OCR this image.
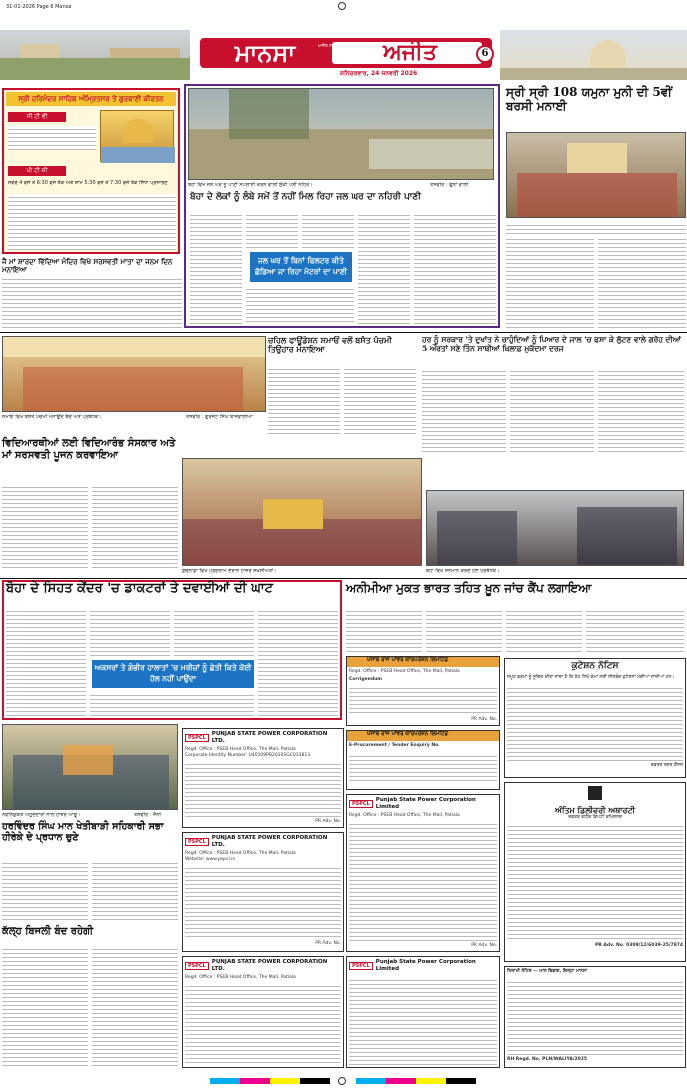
31-01-2026 Page 6 Mansa
ਮਾਨਸਾ	ਅਜੀਤ ਸਹਿਯੋਗ	ਅਜੀਤ
ਸ਼ਨਿਚਰਵਾਰ, 24 ਜਨਵਰੀ 2026
6
ਸ੍ਰੀ ਹਰਿਮੰਦਰ ਸਾਹਿਬ ਅੰਮ੍ਰਿਤਸਰ ਤੋਂ ਗੁਰਬਾਣੀ ਕੀਰਤਨ
ਜੀ ਟੀ ਵੀ
ਪੀ ਟੀ ਸੀ
ਸਵੇਰੇ 4 ਵਜੇ ਤੋਂ 6:30 ਵਜੇ ਤੱਕ ਅਤੇ ਸ਼ਾਮ 5:30 ਵਜੇ ਤੋਂ 7:30 ਵਜੇ ਤੱਕ ਸਿੱਧਾ ਪ੍ਰਸਾਰਣ
ਜੈ ਮਾਂ ਸ਼ਾਰਦਾ ਵਿੱਦਿਆ ਮੰਦਿਰ ਵਿਖੇ ਸਰਸਵਤੀ ਮਾਤਾ ਦਾ ਜਨਮ ਦਿਨ ਮਨਾਇਆ
ਬੋਹਾ ਵਿਖੇ ਜਲ ਘਰ ਨੂੰ ਪਾਣੀ ਸਪਲਾਈ ਕਰਨ ਵਾਲੀ ਸੁੱਕੀ ਪਈ ਨਹਿਰ।	ਤਸਵੀਰ : ਫੁੱਲਾਂ ਵਾਲੀ
ਬੋਹਾ ਦੇ ਲੋਕਾਂ ਨੂੰ ਲੰਬੇ ਸਮੇਂ ਤੋਂ ਨਹੀਂ ਮਿਲ ਰਿਹਾ ਜਲ ਘਰ ਦਾ ਨਹਿਰੀ ਪਾਣੀ
ਜਲ ਘਰ ਤੋਂ ਬਿਨਾਂ ਫਿਲਟਰ ਕੀਤੇ ਛੱਡਿਆ ਜਾ ਰਿਹਾ ਮੋਟਰਾਂ ਦਾ ਪਾਣੀ
ਸ੍ਰੀ ਸ੍ਰੀ 108 ਯਮੁਨਾ ਮੁਨੀ ਦੀ 5ਵੀਂ ਬਰਸੀ ਮਨਾਈ
ਸਮਾਓਂ ਵਿਖੇ ਬਸੰਤ ਪੰਚਮੀ ਮਨਾਉਂਦੇ ਬੱਚੇ ਅਤੇ ਪ੍ਰਬੰਧਕ।	ਤਸਵੀਰ : ਗੁਰਜੰਟ ਸਿੰਘ ਬਾਜੇਵਾਲੀਆ
ਚਹਿਲ ਫਾਊਂਡੇਸ਼ਨ ਸਮਾਓਂ ਵਲੋਂ ਬਸੰਤ ਪੰਚਮੀ ਤਿਉਹਾਰ ਮਨਾਇਆ
ਹਰ ਨੂੰ ਸਰਕਾਰ 'ਤੇ ਦੁਖਾਂਤ ਨੇ ਚਾਹੁੰਦਿਆਂ ਨੂੰ ਪਿਆਰ ਦੇ ਜਾਲ 'ਚ ਫਸਾ ਕੇ ਲੁੱਟਣ ਵਾਲੇ ਗਰੋਹ ਦੀਆਂ 5 ਔਰਤਾਂ ਸਣੇ ਤਿੰਨ ਸਾਥੀਆਂ ਖ਼ਿਲਾਫ਼ ਮੁਕੱਦਮਾ ਦਰਜ
ਵਿਦਿਆਰਥੀਆਂ ਲਈ ਵਿਦਿਆਰੰਭ ਸੰਸਕਾਰ ਅਤੇ ਮਾਂ ਸਰਸਵਤੀ ਪੂਜਨ ਕਰਵਾਇਆ
ਬੋਹਾ ਵਿਖੇ ਸਨਮਾਨ ਕਰਦੇ ਹੋਏ ਪ੍ਰਬੰਧਕ।
ਬੁਢਲਾਡਾ ਵਿਖੇ ਪ੍ਰੋਗਰਾਮ ਦੌਰਾਨ ਹਾਜ਼ਰ ਸ਼ਖ਼ਸੀਅਤਾਂ।
ਬੋਹਾ ਦੇ ਸਿਹਤ ਕੇਂਦਰ 'ਚ ਡਾਕਟਰਾਂ ਤੇ ਦਵਾਈਆਂ ਦੀ ਘਾਟ
ਅਕਸਰਾਂ ਤੇ ਗੰਭੀਰ ਹਾਲਾਤਾਂ 'ਚ ਮਰੀਜ਼ਾਂ ਨੂੰ ਛੇਤੀ ਕਿਤੇ ਕੋਈ ਹੱਲ ਨਹੀਂ ਪਾਉਂਦਾ
ਅਨੀਮੀਆ ਮੁਕਤ ਭਾਰਤ ਤਹਿਤ ਖ਼ੂਨ ਜਾਂਚ ਕੈਂਪ ਲਗਾਇਆ
ਪੰਜਾਬ ਰਾਜ ਪਾਵਰ ਕਾਰਪੋਰੇਸ਼ਨ ਲਿਮਟਿਡ

Regd. Office : PSEB Head Office, The Mall, Patiala

Corrigendum

PR Adv. No.

ਕੁਟੇਸ਼ਨ ਨੋਟਿਸ

ਸਮੂਹ ਫਰਮਾਂ ਨੂੰ ਸੂਚਿਤ ਕੀਤਾ ਜਾਂਦਾ ਹੈ ਕਿ ਹੇਠ ਲਿਖੇ ਕੰਮਾਂ ਲਈ ਸੀਲਬੰਦ ਕੁਟੇਸ਼ਨਾਂ ਮੰਗੀਆਂ ਜਾਂਦੀਆਂ ਹਨ।

ਦਫ਼ਤਰ ਨਗਰ ਕੌਂਸਲ

PSPCL
PUNJAB STATE POWER CORPORATION LTD.

Regd. Office : PSEB Head Office, The Mall, Patiala

Corporate Identity Number: U40109PB2010SGC033813

PR Adv. No.

ਪੰਜਾਬ ਰਾਜ ਪਾਵਰ ਕਾਰਪੋਰੇਸ਼ਨ ਲਿਮਟਿਡ

E-Procurement / Tender Enquiry No.

ਨਵਨਿਯੁਕਤ ਅਹੁਦੇਦਾਰਾਂ ਨਾਲ ਹਾਜ਼ਰ ਆਗੂ।	ਤਸਵੀਰ : ਜੈਨੀ
ਹਰਵਿੰਦਰ ਸਿੰਘ ਮਾਨ ਖੇਤੀਬਾੜੀ ਸਹਿਕਾਰੀ ਸਭਾ ਹੀਰੇਕੇ ਦੇ ਪ੍ਰਧਾਨ ਚੁਣੇ
ਕੱਲ੍ਹ ਬਿਜਲੀ ਬੰਦ ਰਹੇਗੀ
PSPCL
PUNJAB STATE POWER CORPORATION LTD.

Regd. Office : PSEB Head Office, The Mall, Patiala

Website: www.pspcl.in

PR Adv. No.

PSPCL
Punjab State Power Corporation Limited

Regd. Office : PSEB Head Office, The Mall, Patiala

PR Adv. No.

PSPCL
PUNJAB STATE POWER CORPORATION LTD.

Regd. Office : PSEB Head Office, The Mall, Patiala

PSPCL
Punjab State Power Corporation Limited
ਅੰਤਿਮ ਡਿਲੀਵਰੀ ਅਥਾਰਟੀ

ਦਫ਼ਤਰ ਵਧੀਕ ਡਿਪਟੀ ਕਮਿਸ਼ਨਰ

PR Adv. No. 0309/12/6039-25/7874

ਨਿਲਾਮੀ ਨੋਟਿਸ — ਮਾਲ ਵਿਭਾਗ, ਜ਼ਿਲ੍ਹਾ ਮਾਨਸਾ

RH Regd. No. PLN/WALIYA/2025
